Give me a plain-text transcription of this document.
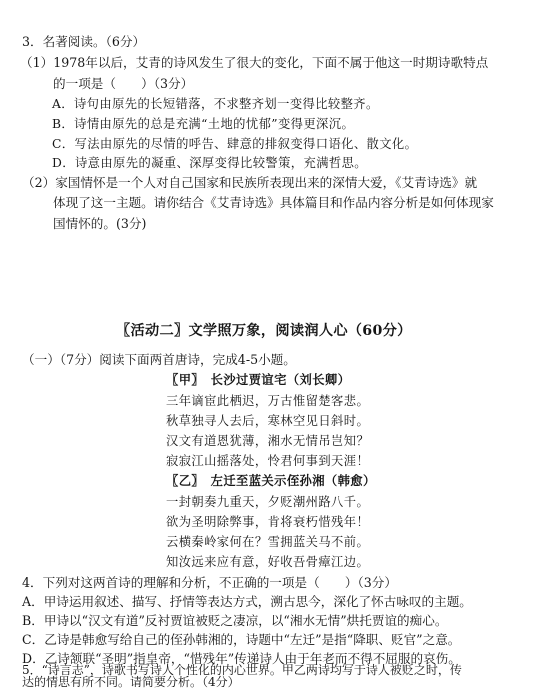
3．名著阅读。（6分）
（1）1978年以后，艾青的诗风发生了很大的变化，下面不属于他这一时期诗歌特点
的一项是（　　）（3分）
A．诗句由原先的长短错落，不求整齐划一变得比较整齐。
B．诗情由原先的总是充满“土地的忧郁”变得更深沉。
C．写法由原先的尽情的呼告、肆意的排叙变得口语化、散文化。
D．诗意由原先的凝重、深厚变得比较警策，充满哲思。
（2）家国情怀是一个人对自己国家和民族所表现出来的深情大爱，《艾青诗选》就
体现了这一主题。请你结合《艾青诗选》具体篇目和作品内容分析是如何体现家
国情怀的。(3分)
〖活动二〗文学照万象，阅读润人心（60分）
（一）（7分）阅读下面两首唐诗，完成4-5小题。
〖甲〗　长沙过贾谊宅（刘长卿）
三年谪宦此栖迟，万古惟留楚客悲。
秋草独寻人去后，寒林空见日斜时。
汉文有道恩犹薄，湘水无情吊岂知？
寂寂江山摇落处，怜君何事到天涯！
〖乙〗　左迁至蓝关示侄孙湘（韩愈）
一封朝奏九重天，夕贬潮州路八千。
欲为圣明除弊事，肯将衰朽惜残年！
云横秦岭家何在？雪拥蓝关马不前。
知汝远来应有意，好收吾骨瘴江边。
4．下列对这两首诗的理解和分析，不正确的一项是（　　）（3分）
A．甲诗运用叙述、描写、抒情等表达方式，溯古思今，深化了怀古咏叹的主题。
B．甲诗以“汉文有道”反衬贾谊被贬之凄凉，以“湘水无情”烘托贾谊的痴心。
C．乙诗是韩愈写给自己的侄孙韩湘的，诗题中“左迁”是指“降职、贬官”之意。
D．乙诗颔联“圣明”指皇帝，“惜残年”传递诗人由于年老而不得不屈服的哀伤。
5．“诗言志”，诗歌书写诗人个性化的内心世界。甲乙两诗均写于诗人被贬之时，传
达的情思有所不同。请简要分析。（4分）
